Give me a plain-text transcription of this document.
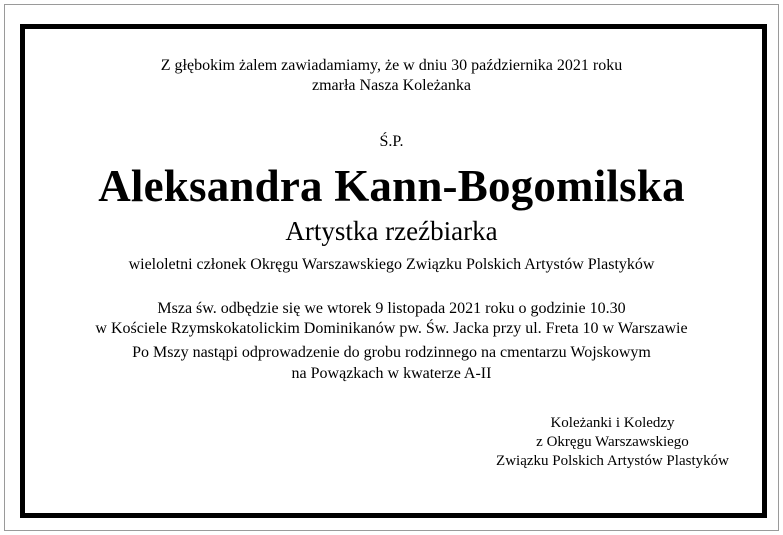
Z głębokim żalem zawiadamiamy, że w dniu 30 października 2021 roku
zmarła Nasza Koleżanka
Ś.P.
Aleksandra Kann-Bogomilska
Artystka rzeźbiarka
wieloletni członek Okręgu Warszawskiego Związku Polskich Artystów Plastyków
Msza św. odbędzie się we wtorek 9 listopada 2021 roku o godzinie 10.30
w Kościele Rzymskokatolickim Dominikanów pw. Św. Jacka przy ul. Freta 10 w Warszawie
Po Mszy nastąpi odprowadzenie do grobu rodzinnego na cmentarzu Wojskowym
na Powązkach w kwaterze A-II
Koleżanki i Koledzy
z Okręgu Warszawskiego
Związku Polskich Artystów Plastyków
